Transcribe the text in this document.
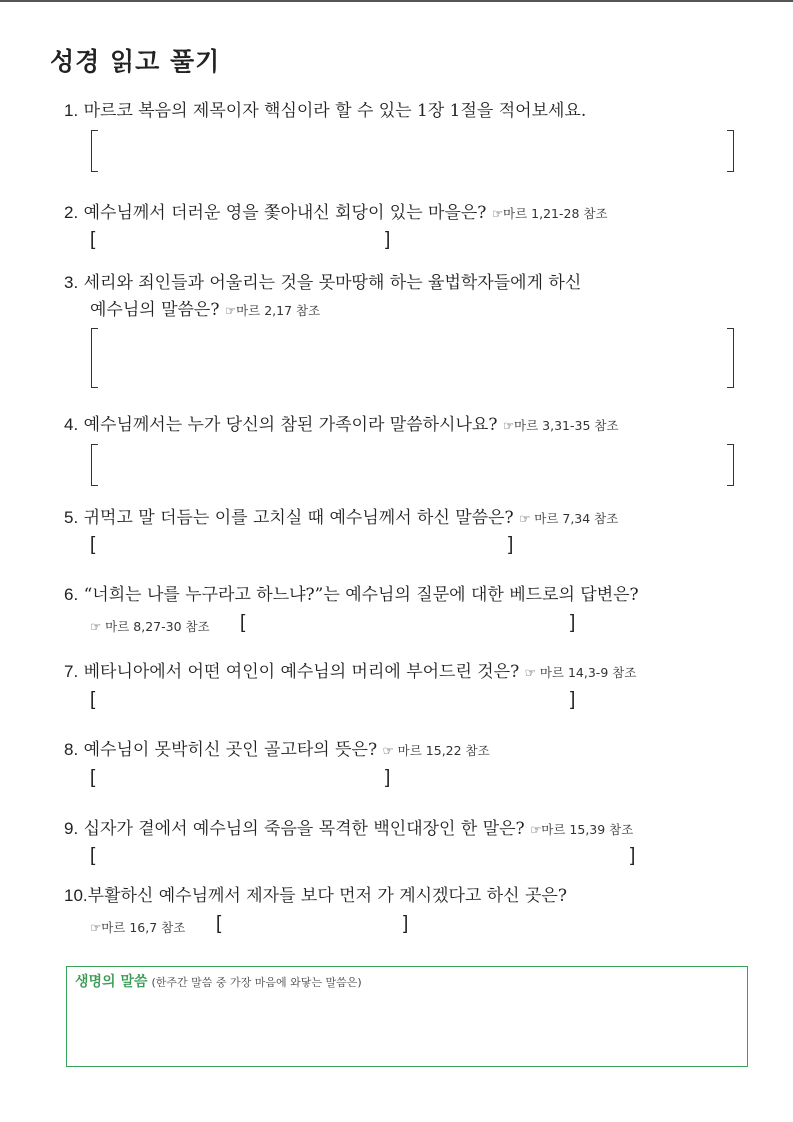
성경 읽고 풀기
1. 마르코 복음의 제목이자 핵심이라 할 수 있는 1장 1절을 적어보세요.
2. 예수님께서 더러운 영을 쫓아내신 회당이 있는 마을은? ☞마르 1,21-28 참조
[	]
3. 세리와 죄인들과 어울리는 것을 못마땅해 하는 율법학자들에게 하신
예수님의 말씀은? ☞마르 2,17 참조
4. 예수님께서는 누가 당신의 참된 가족이라 말씀하시나요? ☞마르 3,31-35 참조
5. 귀먹고 말 더듬는 이를 고치실 때 예수님께서 하신 말씀은? ☞ 마르 7,34 참조
[	]
6. “너희는 나를 누구라고 하느냐?”는 예수님의 질문에 대한 베드로의 답변은?
☞ 마르 8,27-30 참조 [	]
7. 베타니아에서 어떤 여인이 예수님의 머리에 부어드린 것은? ☞ 마르 14,3-9 참조
[	]
8. 예수님이 못박히신 곳인 골고타의 뜻은? ☞ 마르 15,22 참조
[	]
9. 십자가 곁에서 예수님의 죽음을 목격한 백인대장인 한 말은? ☞마르 15,39 참조
[	]
10.부활하신 예수님께서 제자들 보다 먼저 가 계시겠다고 하신 곳은?
☞마르 16,7 참조 [	]
생명의 말씀 (한주간 말씀 중 가장 마음에 와닿는 말씀은)
